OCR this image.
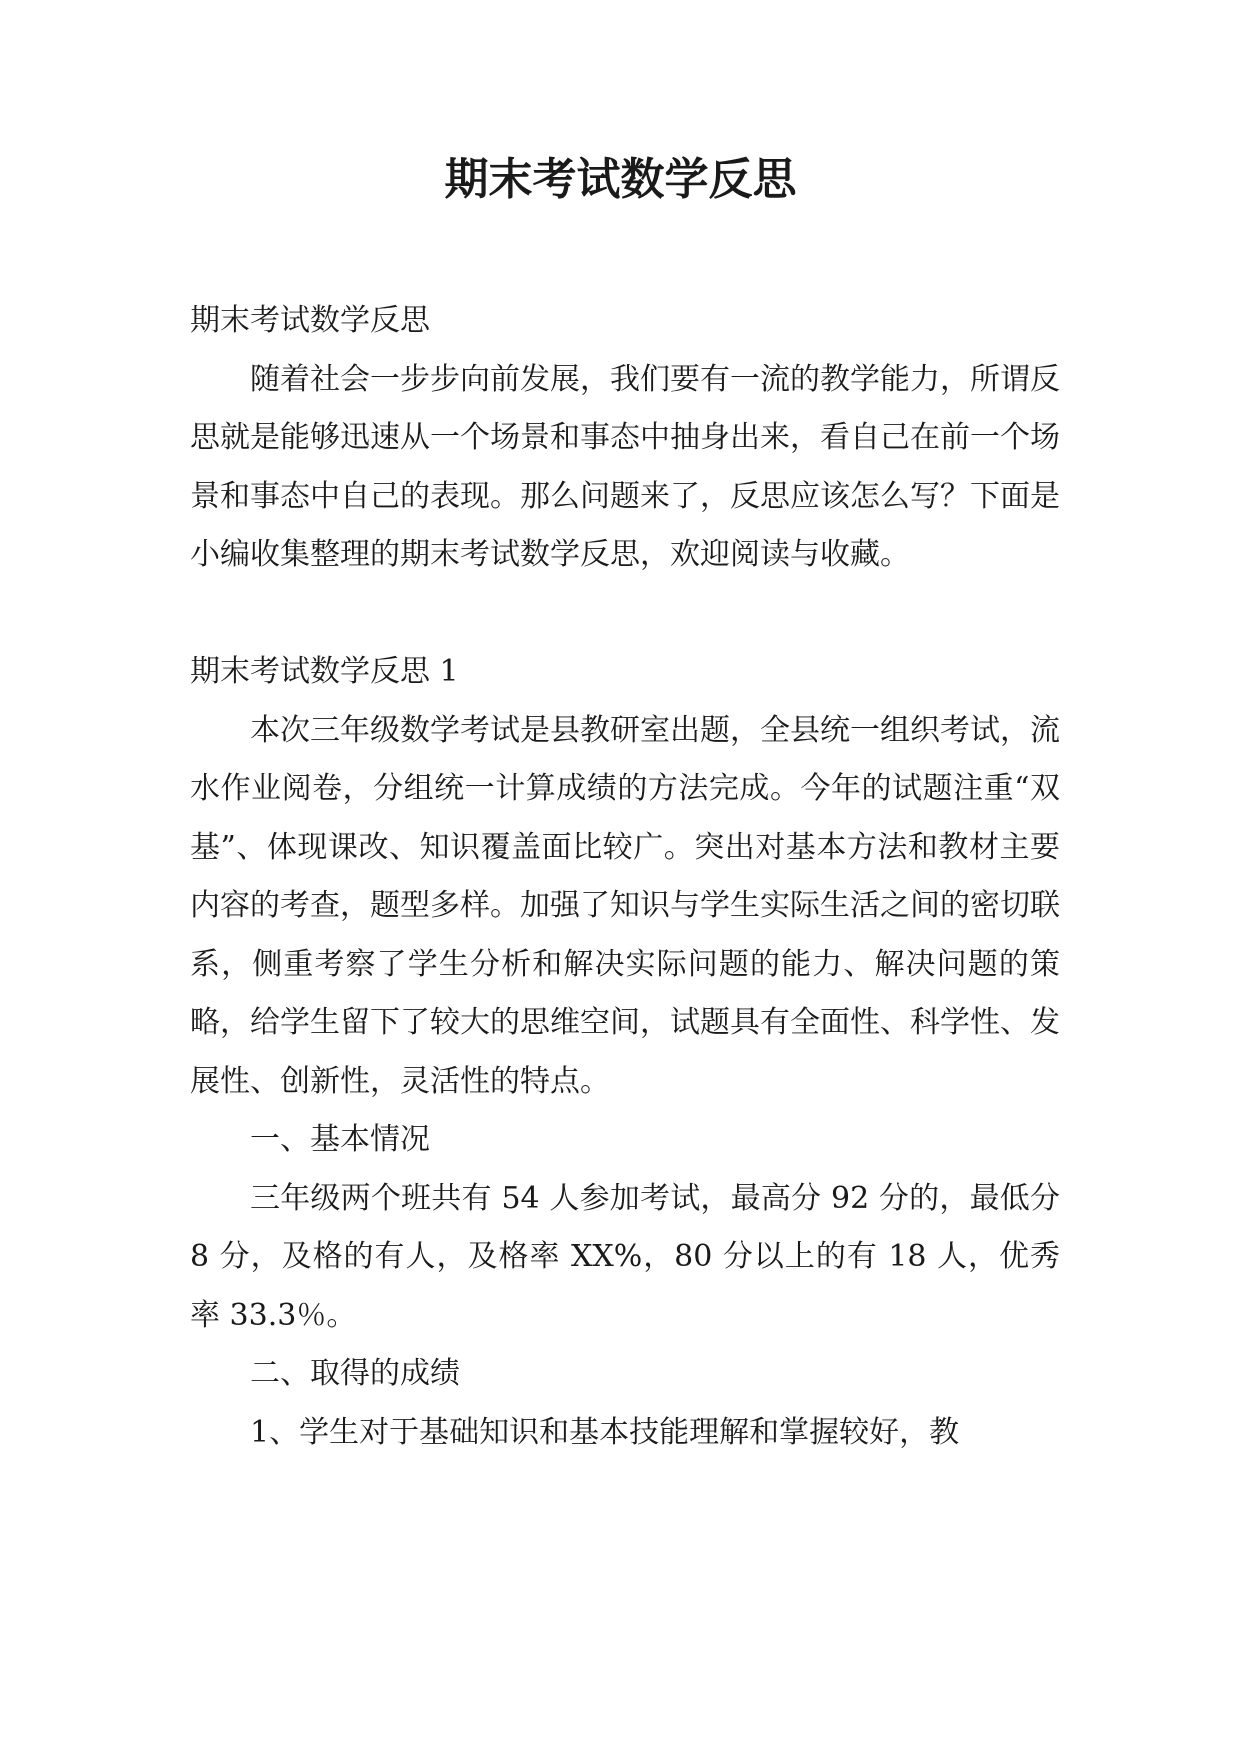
期末考试数学反思

期末考试数学反思

随着社会一步步向前发展，我们要有一流的教学能力，所谓反思就是能够迅速从一个场景和事态中抽身出来，看自己在前一个场景和事态中自己的表现。那么问题来了，反思应该怎么写？下面是小编收集整理的期末考试数学反思，欢迎阅读与收藏。

期末考试数学反思 1

本次三年级数学考试是县教研室出题，全县统一组织考试，流水作业阅卷，分组统一计算成绩的方法完成。今年的试题注重“双基”、体现课改、知识覆盖面比较广。突出对基本方法和教材主要内容的考查，题型多样。加强了知识与学生实际生活之间的密切联系，侧重考察了学生分析和解决实际问题的能力、解决问题的策略，给学生留下了较大的思维空间，试题具有全面性、科学性、发展性、创新性，灵活性的特点。

一、基本情况

三年级两个班共有 54 人参加考试，最高分 92 分的，最低分 8 分，及格的有人，及格率 XX%，80 分以上的有 18 人，优秀率 33.3％。

二、取得的成绩

1、学生对于基础知识和基本技能理解和掌握较好，教
